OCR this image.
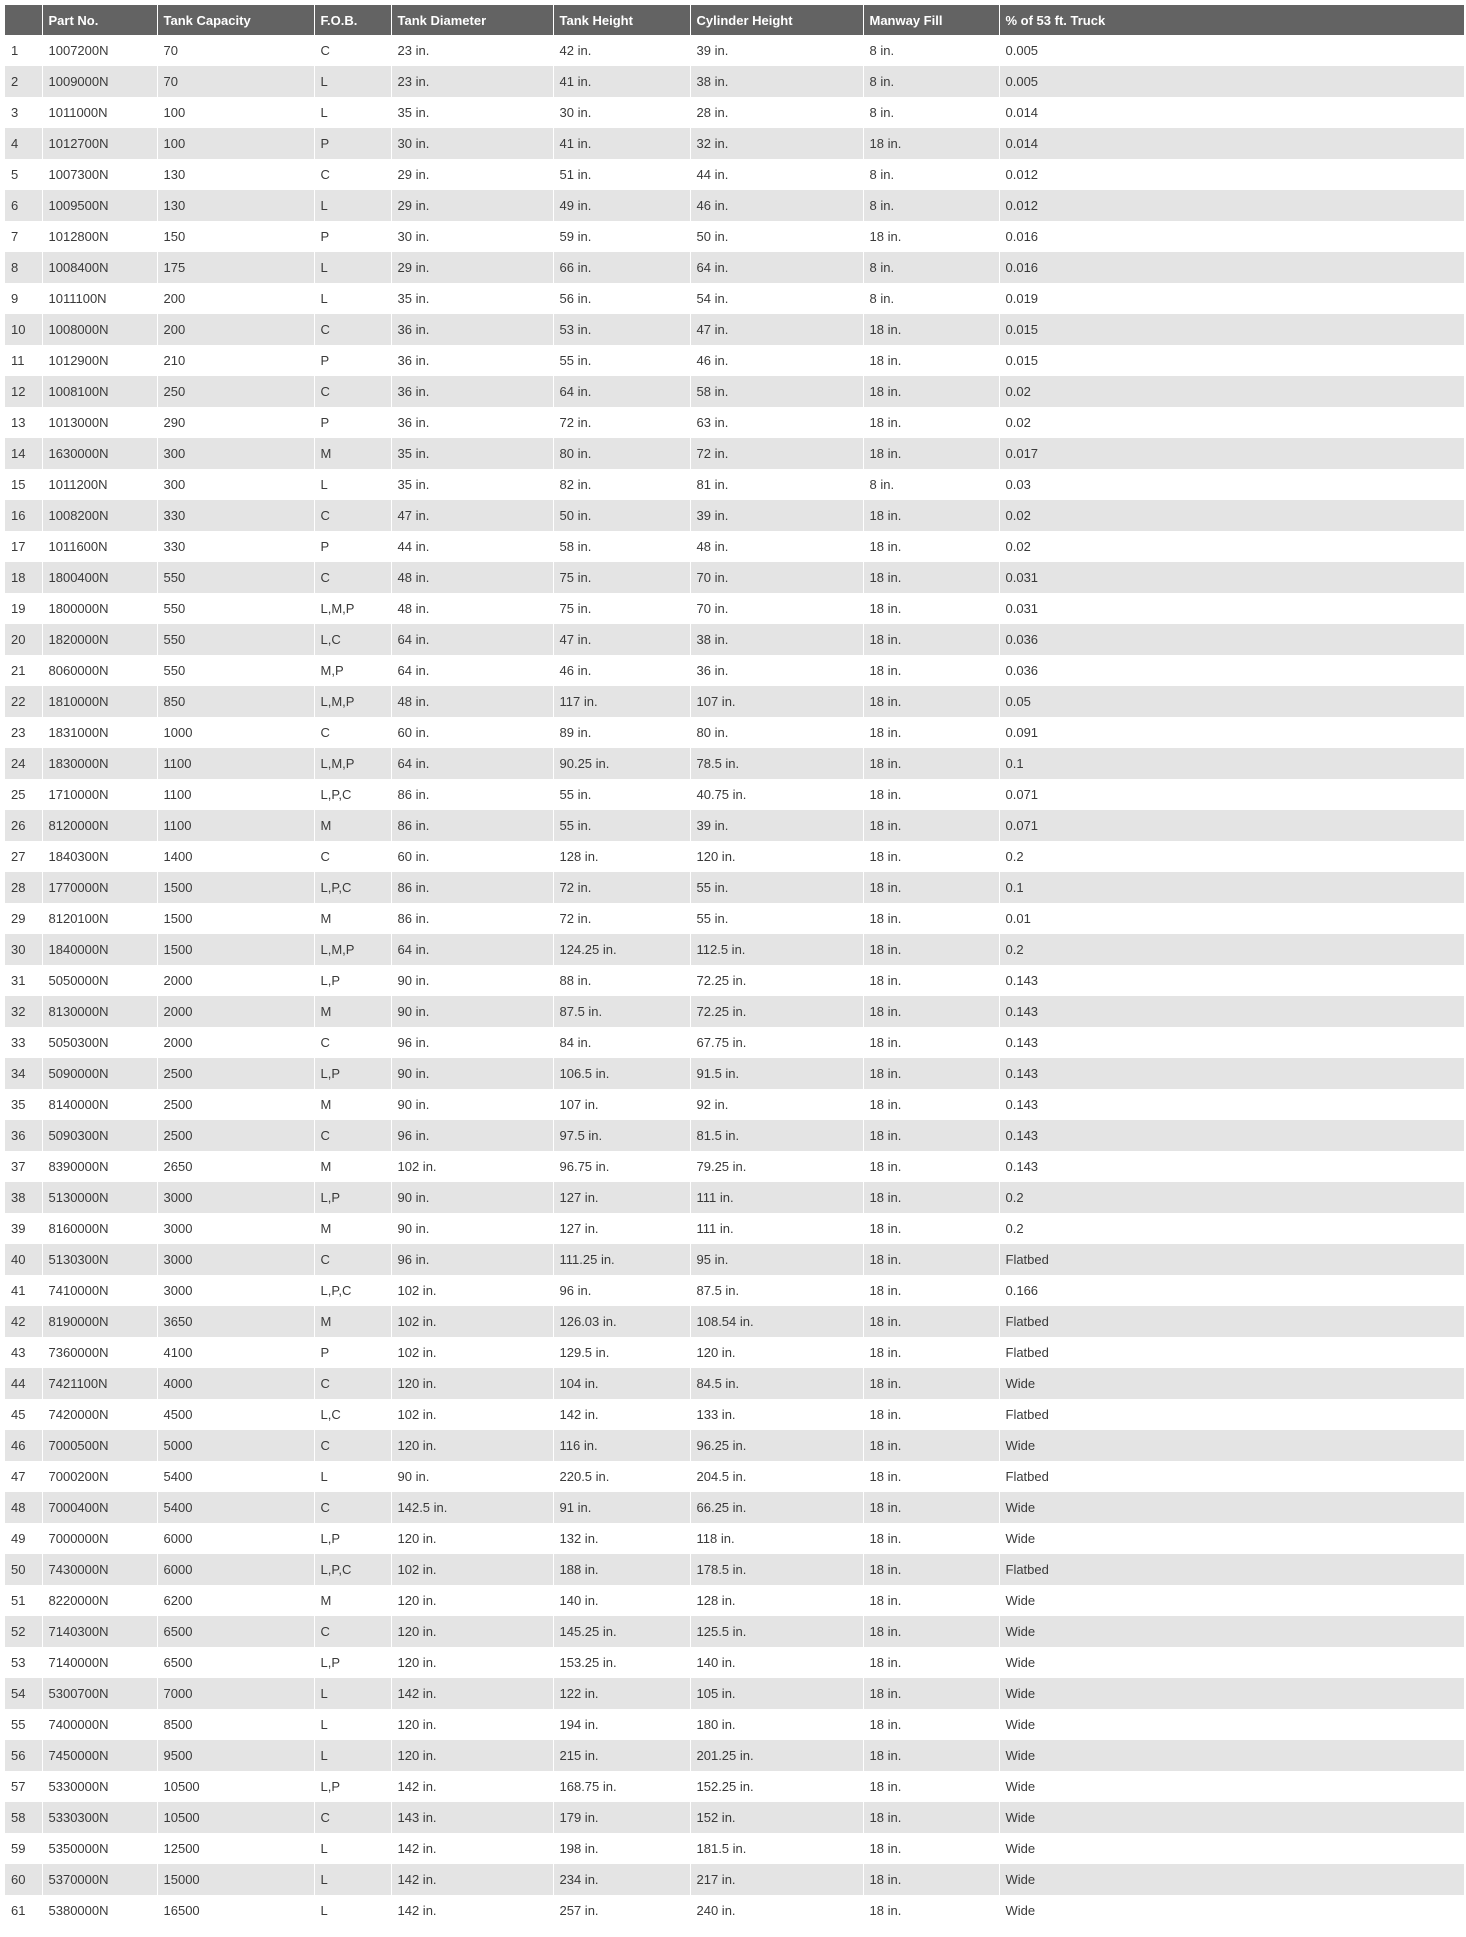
	Part No.	Tank Capacity	F.O.B.	Tank Diameter	Tank Height	Cylinder Height	Manway Fill	% of 53 ft. Truck
1	1007200N	70	C	23 in.	42 in.	39 in.	8 in.	0.005
2	1009000N	70	L	23 in.	41 in.	38 in.	8 in.	0.005
3	1011000N	100	L	35 in.	30 in.	28 in.	8 in.	0.014
4	1012700N	100	P	30 in.	41 in.	32 in.	18 in.	0.014
5	1007300N	130	C	29 in.	51 in.	44 in.	8 in.	0.012
6	1009500N	130	L	29 in.	49 in.	46 in.	8 in.	0.012
7	1012800N	150	P	30 in.	59 in.	50 in.	18 in.	0.016
8	1008400N	175	L	29 in.	66 in.	64 in.	8 in.	0.016
9	1011100N	200	L	35 in.	56 in.	54 in.	8 in.	0.019
10	1008000N	200	C	36 in.	53 in.	47 in.	18 in.	0.015
11	1012900N	210	P	36 in.	55 in.	46 in.	18 in.	0.015
12	1008100N	250	C	36 in.	64 in.	58 in.	18 in.	0.02
13	1013000N	290	P	36 in.	72 in.	63 in.	18 in.	0.02
14	1630000N	300	M	35 in.	80 in.	72 in.	18 in.	0.017
15	1011200N	300	L	35 in.	82 in.	81 in.	8 in.	0.03
16	1008200N	330	C	47 in.	50 in.	39 in.	18 in.	0.02
17	1011600N	330	P	44 in.	58 in.	48 in.	18 in.	0.02
18	1800400N	550	C	48 in.	75 in.	70 in.	18 in.	0.031
19	1800000N	550	L,M,P	48 in.	75 in.	70 in.	18 in.	0.031
20	1820000N	550	L,C	64 in.	47 in.	38 in.	18 in.	0.036
21	8060000N	550	M,P	64 in.	46 in.	36 in.	18 in.	0.036
22	1810000N	850	L,M,P	48 in.	117 in.	107 in.	18 in.	0.05
23	1831000N	1000	C	60 in.	89 in.	80 in.	18 in.	0.091
24	1830000N	1100	L,M,P	64 in.	90.25 in.	78.5 in.	18 in.	0.1
25	1710000N	1100	L,P,C	86 in.	55 in.	40.75 in.	18 in.	0.071
26	8120000N	1100	M	86 in.	55 in.	39 in.	18 in.	0.071
27	1840300N	1400	C	60 in.	128 in.	120 in.	18 in.	0.2
28	1770000N	1500	L,P,C	86 in.	72 in.	55 in.	18 in.	0.1
29	8120100N	1500	M	86 in.	72 in.	55 in.	18 in.	0.01
30	1840000N	1500	L,M,P	64 in.	124.25 in.	112.5 in.	18 in.	0.2
31	5050000N	2000	L,P	90 in.	88 in.	72.25 in.	18 in.	0.143
32	8130000N	2000	M	90 in.	87.5 in.	72.25 in.	18 in.	0.143
33	5050300N	2000	C	96 in.	84 in.	67.75 in.	18 in.	0.143
34	5090000N	2500	L,P	90 in.	106.5 in.	91.5 in.	18 in.	0.143
35	8140000N	2500	M	90 in.	107 in.	92 in.	18 in.	0.143
36	5090300N	2500	C	96 in.	97.5 in.	81.5 in.	18 in.	0.143
37	8390000N	2650	M	102 in.	96.75 in.	79.25 in.	18 in.	0.143
38	5130000N	3000	L,P	90 in.	127 in.	111 in.	18 in.	0.2
39	8160000N	3000	M	90 in.	127 in.	111 in.	18 in.	0.2
40	5130300N	3000	C	96 in.	111.25 in.	95 in.	18 in.	Flatbed
41	7410000N	3000	L,P,C	102 in.	96 in.	87.5 in.	18 in.	0.166
42	8190000N	3650	M	102 in.	126.03 in.	108.54 in.	18 in.	Flatbed
43	7360000N	4100	P	102 in.	129.5 in.	120 in.	18 in.	Flatbed
44	7421100N	4000	C	120 in.	104 in.	84.5 in.	18 in.	Wide
45	7420000N	4500	L,C	102 in.	142 in.	133 in.	18 in.	Flatbed
46	7000500N	5000	C	120 in.	116 in.	96.25 in.	18 in.	Wide
47	7000200N	5400	L	90 in.	220.5 in.	204.5 in.	18 in.	Flatbed
48	7000400N	5400	C	142.5 in.	91 in.	66.25 in.	18 in.	Wide
49	7000000N	6000	L,P	120 in.	132 in.	118 in.	18 in.	Wide
50	7430000N	6000	L,P,C	102 in.	188 in.	178.5 in.	18 in.	Flatbed
51	8220000N	6200	M	120 in.	140 in.	128 in.	18 in.	Wide
52	7140300N	6500	C	120 in.	145.25 in.	125.5 in.	18 in.	Wide
53	7140000N	6500	L,P	120 in.	153.25 in.	140 in.	18 in.	Wide
54	5300700N	7000	L	142 in.	122 in.	105 in.	18 in.	Wide
55	7400000N	8500	L	120 in.	194 in.	180 in.	18 in.	Wide
56	7450000N	9500	L	120 in.	215 in.	201.25 in.	18 in.	Wide
57	5330000N	10500	L,P	142 in.	168.75 in.	152.25 in.	18 in.	Wide
58	5330300N	10500	C	143 in.	179 in.	152 in.	18 in.	Wide
59	5350000N	12500	L	142 in.	198 in.	181.5 in.	18 in.	Wide
60	5370000N	15000	L	142 in.	234 in.	217 in.	18 in.	Wide
61	5380000N	16500	L	142 in.	257 in.	240 in.	18 in.	Wide
